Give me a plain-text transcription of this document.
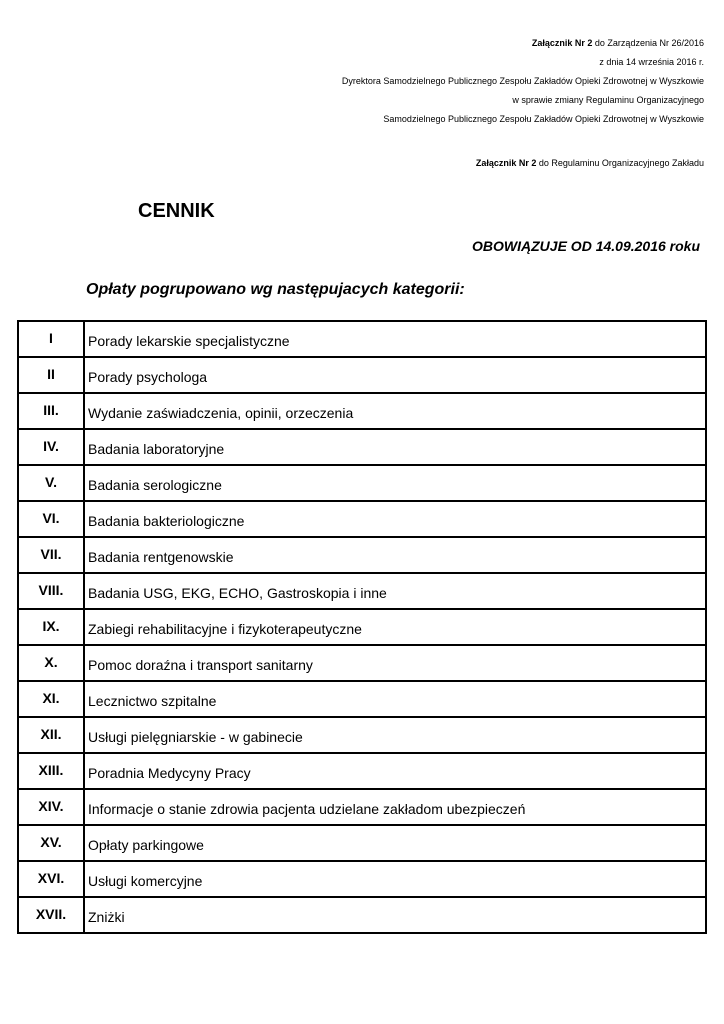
Załącznik Nr 2 do Zarządzenia Nr 26/2016
z dnia 14 września 2016 r.
Dyrektora Samodzielnego Publicznego Zespołu Zakładów Opieki Zdrowotnej w Wyszkowie
w sprawie zmiany Regulaminu Organizacyjnego
Samodzielnego Publicznego Zespołu Zakładów Opieki Zdrowotnej w Wyszkowie
Załącznik Nr 2 do Regulaminu Organizacyjnego Zakładu
CENNIK
OBOWIĄZUJE OD 14.09.2016 roku
Opłaty pogrupowano wg następujacych kategorii:
I	Porady lekarskie specjalistyczne
II	Porady psychologa
III.	Wydanie zaświadczenia, opinii, orzeczenia
IV.	Badania laboratoryjne
V.	Badania serologiczne
VI.	Badania bakteriologiczne
VII.	Badania rentgenowskie
VIII.	Badania USG, EKG, ECHO, Gastroskopia i inne
IX.	Zabiegi rehabilitacyjne i fizykoterapeutyczne
X.	Pomoc doraźna i transport sanitarny
XI.	Lecznictwo szpitalne
XII.	Usługi pielęgniarskie - w gabinecie
XIII.	Poradnia Medycyny Pracy
XIV.	Informacje o stanie zdrowia pacjenta udzielane zakładom ubezpieczeń
XV.	Opłaty parkingowe
XVI.	Usługi komercyjne
XVII.	Zniżki
